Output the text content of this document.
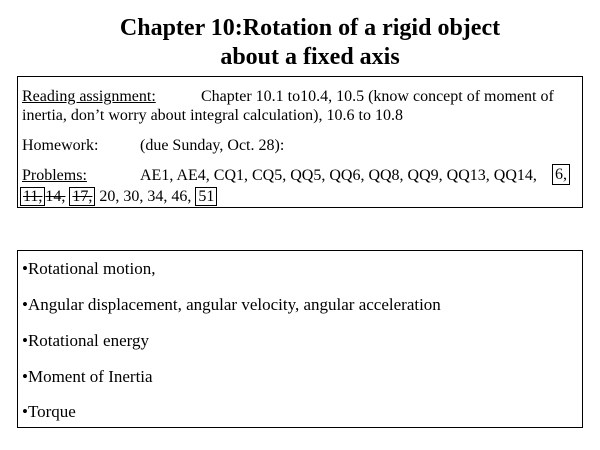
Chapter 10:Rotation of a rigid object
about a fixed axis
Reading assignment:	Chapter 10.1 to10.4, 10.5 (know concept of moment of
inertia, don’t worry about integral calculation), 10.6 to 10.8
Homework:	(due Sunday, Oct. 28):
Problems:	AE1, AE4, CQ1, CQ5, QQ5, QQ6, QQ8, QQ9, QQ13, QQ14, 6,
11, 14, 17, 20, 30, 34, 46, 51
•Rotational motion,
•Angular displacement, angular velocity, angular acceleration
•Rotational energy
•Moment of Inertia
•Torque
